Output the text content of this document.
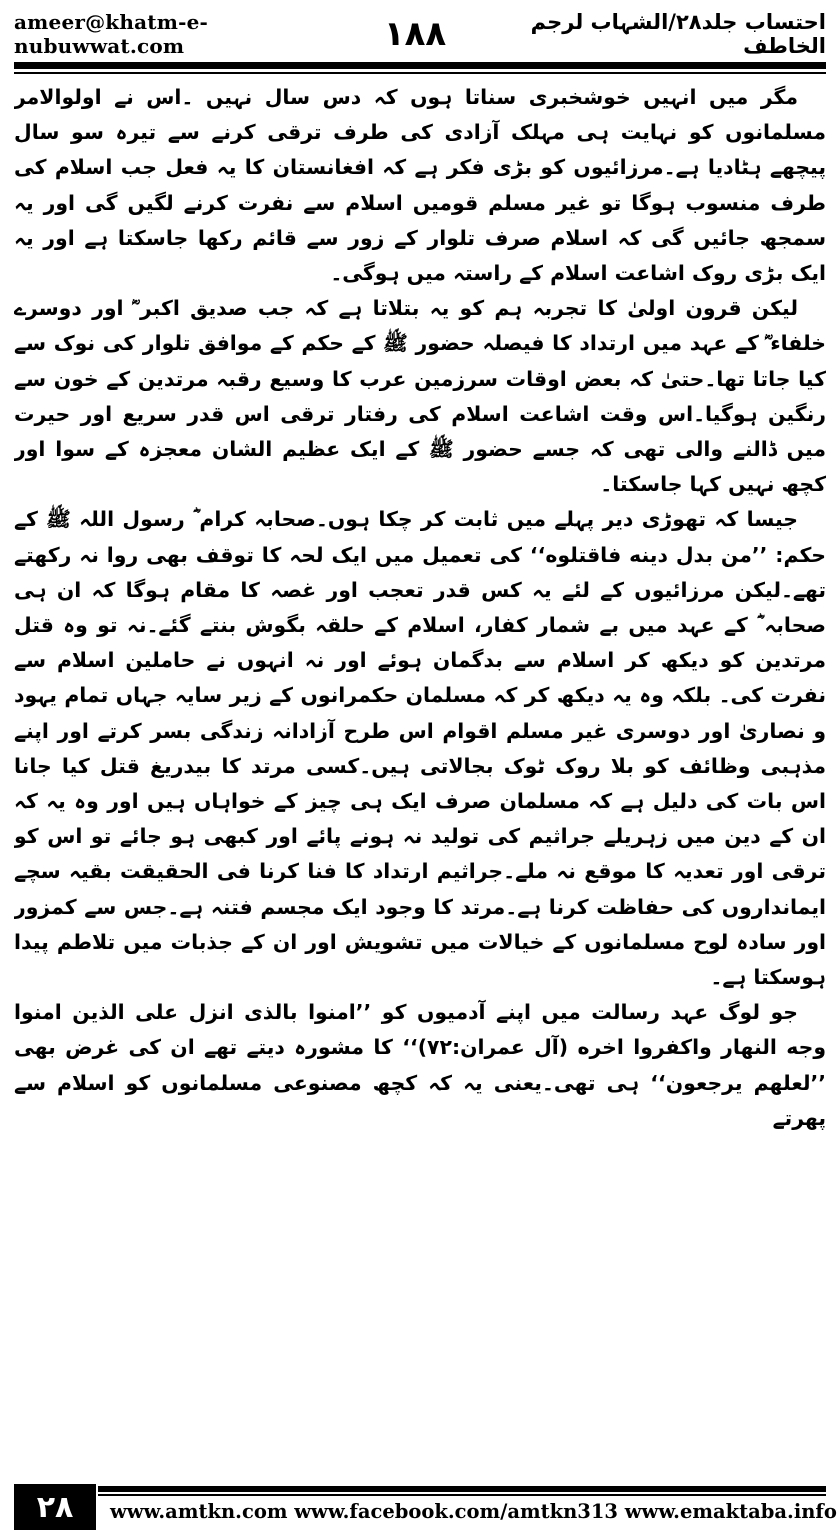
ameer@khatm-e-nubuwwat.com	١٨٨	احتساب جلد۲۸/الشہاب لرجم الخاطف

مگر میں انہیں خوشخبری سناتا ہوں کہ دس سال نہیں ۔اس نے اولوالامر مسلمانوں کو نہایت ہی مہلک آزادی کی طرف ترقی کرنے سے تیرہ سو سال پیچھے ہٹادیا ہے۔مرزائیوں کو بڑی فکر ہے کہ افغانستان کا یہ فعل جب اسلام کی طرف منسوب ہوگا تو غیر مسلم قومیں اسلام سے نفرت کرنے لگیں گی اور یہ سمجھ جائیں گی کہ اسلام صرف تلوار کے زور سے قائم رکھا جاسکتا ہے اور یہ ایک بڑی روک اشاعت اسلام کے راستہ میں ہوگی۔

لیکن قرون اولیٰ کا تجربہ ہم کو یہ بتلاتا ہے کہ جب صدیق اکبر ؓ اور دوسرے خلفاء ؓ کے عہد میں ارتداد کا فیصلہ حضور ﷺ کے حکم کے موافق تلوار کی نوک سے کیا جاتا تھا۔حتیٰ کہ بعض اوقات سرزمین عرب کا وسیع رقبہ مرتدین کے خون سے رنگین ہوگیا۔اس وقت اشاعت اسلام کی رفتار ترقی اس قدر سریع اور حیرت میں ڈالنے والی تھی کہ جسے حضور ﷺ کے ایک عظیم الشان معجزہ کے سوا اور کچھ نہیں کہا جاسکتا۔

جیسا کہ تھوڑی دیر پہلے میں ثابت کر چکا ہوں۔صحابہ کرام ؓ رسول اللہ ﷺ کے حکم: ’’من بدل دینه فاقتلوه‘‘ کی تعمیل میں ایک لحہ کا توقف بھی روا نہ رکھتے تھے۔لیکن مرزائیوں کے لئے یہ کس قدر تعجب اور غصہ کا مقام ہوگا کہ ان ہی صحابہ ؓ کے عہد میں بے شمار کفار، اسلام کے حلقہ بگوش بنتے گئے۔نہ تو وہ قتل مرتدین کو دیکھ کر اسلام سے بدگمان ہوئے اور نہ انہوں نے حاملین اسلام سے نفرت کی۔ بلکہ وہ یہ دیکھ کر کہ مسلمان حکمرانوں کے زیر سایہ جہاں تمام یہود و نصاریٰ اور دوسری غیر مسلم اقوام اس طرح آزادانہ زندگی بسر کرتے اور اپنے مذہبی وظائف کو بلا روک ٹوک بجالاتی ہیں۔کسی مرتد کا بیدریغ قتل کیا جانا اس بات کی دلیل ہے کہ مسلمان صرف ایک ہی چیز کے خواہاں ہیں اور وہ یہ کہ ان کے دین میں زہریلے جراثیم کی تولید نہ ہونے پائے اور کبھی ہو جائے تو اس کو ترقی اور تعدیہ کا موقع نہ ملے۔جراثیم ارتداد کا فنا کرنا فی الحقیقت بقیہ سچے ایمانداروں کی حفاظت کرنا ہے۔مرتد کا وجود ایک مجسم فتنہ ہے۔جس سے کمزور اور سادہ لوح مسلمانوں کے خیالات میں تشویش اور ان کے جذبات میں تلاطم پیدا ہوسکتا ہے۔

جو لوگ عہد رسالت میں اپنے آدمیوں کو ’’امنوا بالذی انزل علی الذین امنوا وجه النهار واکفروا اخره (آل عمران:۷۲)‘‘ کا مشورہ دیتے تھے ان کی غرض بھی ’’لعلهم یرجعون‘‘ ہی تھی۔یعنی یہ کہ کچھ مصنوعی مسلمانوں کو اسلام سے پھرتے

٢٨	www.amtkn.com www.facebook.com/amtkn313 www.emaktaba.info
